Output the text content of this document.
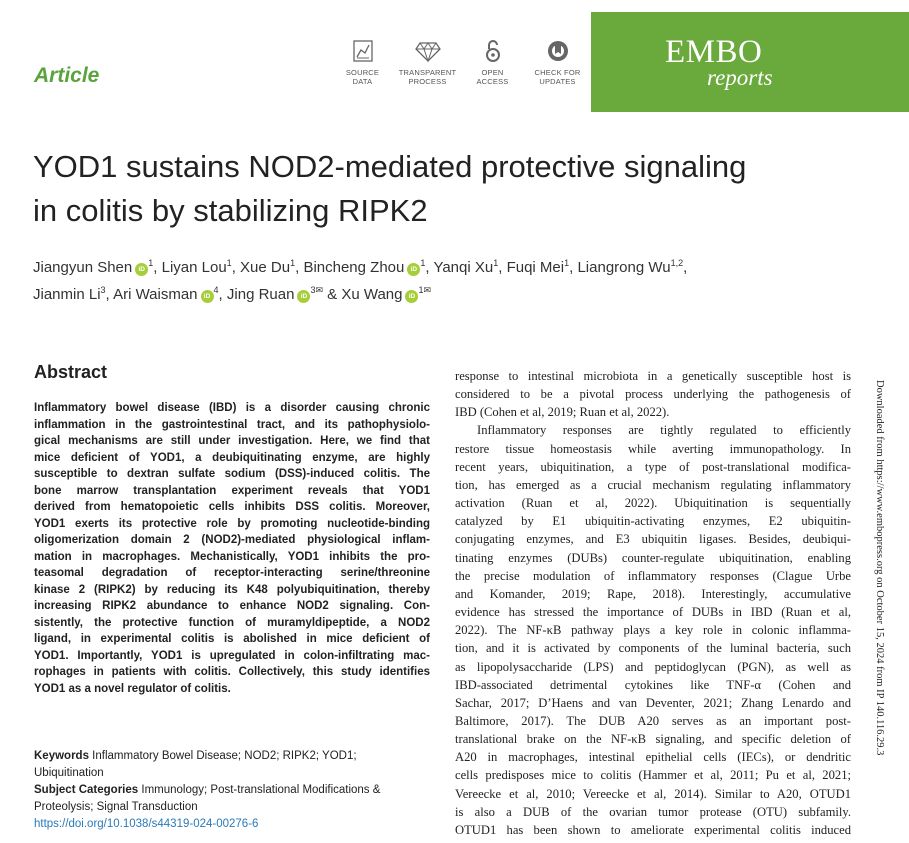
Article	SOURCE
DATA
TRANSPARENT
PROCESS
OPEN
ACCESS
CHECK FOR
UPDATES
EMBO
reports
YOD1 sustains NOD2-mediated protective signaling
in colitis by stabilizing RIPK2
Jiangyun Shen $iD^1$, Liyan Lou$^1$, Xue Du$^1$, Bincheng Zhou $iD^1$, Yanqi Xu$^1$, Fuqi Mei$^1$, Liangrong Wu$^{1,2}$,
Jianmin Li$^3$, Ari Waisman $iD^4$, Jing Ruan $iD^{3✉}$ & Xu Wang $iD^{1✉}$
Abstract
Inflammatory bowel disease (IBD) is a disorder causing chronic
inflammation in the gastrointestinal tract, and its pathophysiolo-
gical mechanisms are still under investigation. Here, we find that
mice deficient of YOD1, a deubiquitinating enzyme, are highly
susceptible to dextran sulfate sodium (DSS)-induced colitis. The
bone marrow transplantation experiment reveals that YOD1
derived from hematopoietic cells inhibits DSS colitis. Moreover,
YOD1 exerts its protective role by promoting nucleotide-binding
oligomerization domain 2 (NOD2)-mediated physiological inflam-
mation in macrophages. Mechanistically, YOD1 inhibits the pro-
teasomal degradation of receptor-interacting serine/threonine
kinase 2 (RIPK2) by reducing its K48 polyubiquitination, thereby
increasing RIPK2 abundance to enhance NOD2 signaling. Con-
sistently, the protective function of muramyldipeptide, a NOD2
ligand, in experimental colitis is abolished in mice deficient of
YOD1. Importantly, YOD1 is upregulated in colon-infiltrating mac-
rophages in patients with colitis. Collectively, this study identifies
YOD1 as a novel regulator of colitis.
Keywords Inflammatory Bowel Disease; NOD2; RIPK2; YOD1;
Ubiquitination
Subject Categories Immunology; Post-translational Modifications &
Proteolysis; Signal Transduction
https://doi.org/10.1038/s44319-024-00276-6
response to intestinal microbiota in a genetically susceptible host is
considered to be a pivotal process underlying the pathogenesis of
IBD (Cohen et al, 2019; Ruan et al, 2022).
Inflammatory responses are tightly regulated to efficiently
restore tissue homeostasis while averting immunopathology. In
recent years, ubiquitination, a type of post-translational modifica-
tion, has emerged as a crucial mechanism regulating inflammatory
activation (Ruan et al, 2022). Ubiquitination is sequentially
catalyzed by E1 ubiquitin-activating enzymes, E2 ubiquitin-
conjugating enzymes, and E3 ubiquitin ligases. Besides, deubiqui-
tinating enzymes (DUBs) counter-regulate ubiquitination, enabling
the precise modulation of inflammatory responses (Clague Urbe
and Komander, 2019; Rape, 2018). Interestingly, accumulative
evidence has stressed the importance of DUBs in IBD (Ruan et al,
2022). The NF-κB pathway plays a key role in colonic inflamma-
tion, and it is activated by components of the luminal bacteria, such
as lipopolysaccharide (LPS) and peptidoglycan (PGN), as well as
IBD-associated detrimental cytokines like TNF-α (Cohen and
Sachar, 2017; D’Haens and van Deventer, 2021; Zhang Lenardo and
Baltimore, 2017). The DUB A20 serves as an important post-
translational brake on the NF-κB signaling, and specific deletion of
A20 in macrophages, intestinal epithelial cells (IECs), or dendritic
cells predisposes mice to colitis (Hammer et al, 2011; Pu et al, 2021;
Vereecke et al, 2010; Vereecke et al, 2014). Similar to A20, OTUD1
is also a DUB of the ovarian tumor protease (OTU) subfamily.
OTUD1 has been shown to ameliorate experimental colitis induced
Downloaded from https://www.embopress.org on October 15, 2024 from IP 140.116.29.3
